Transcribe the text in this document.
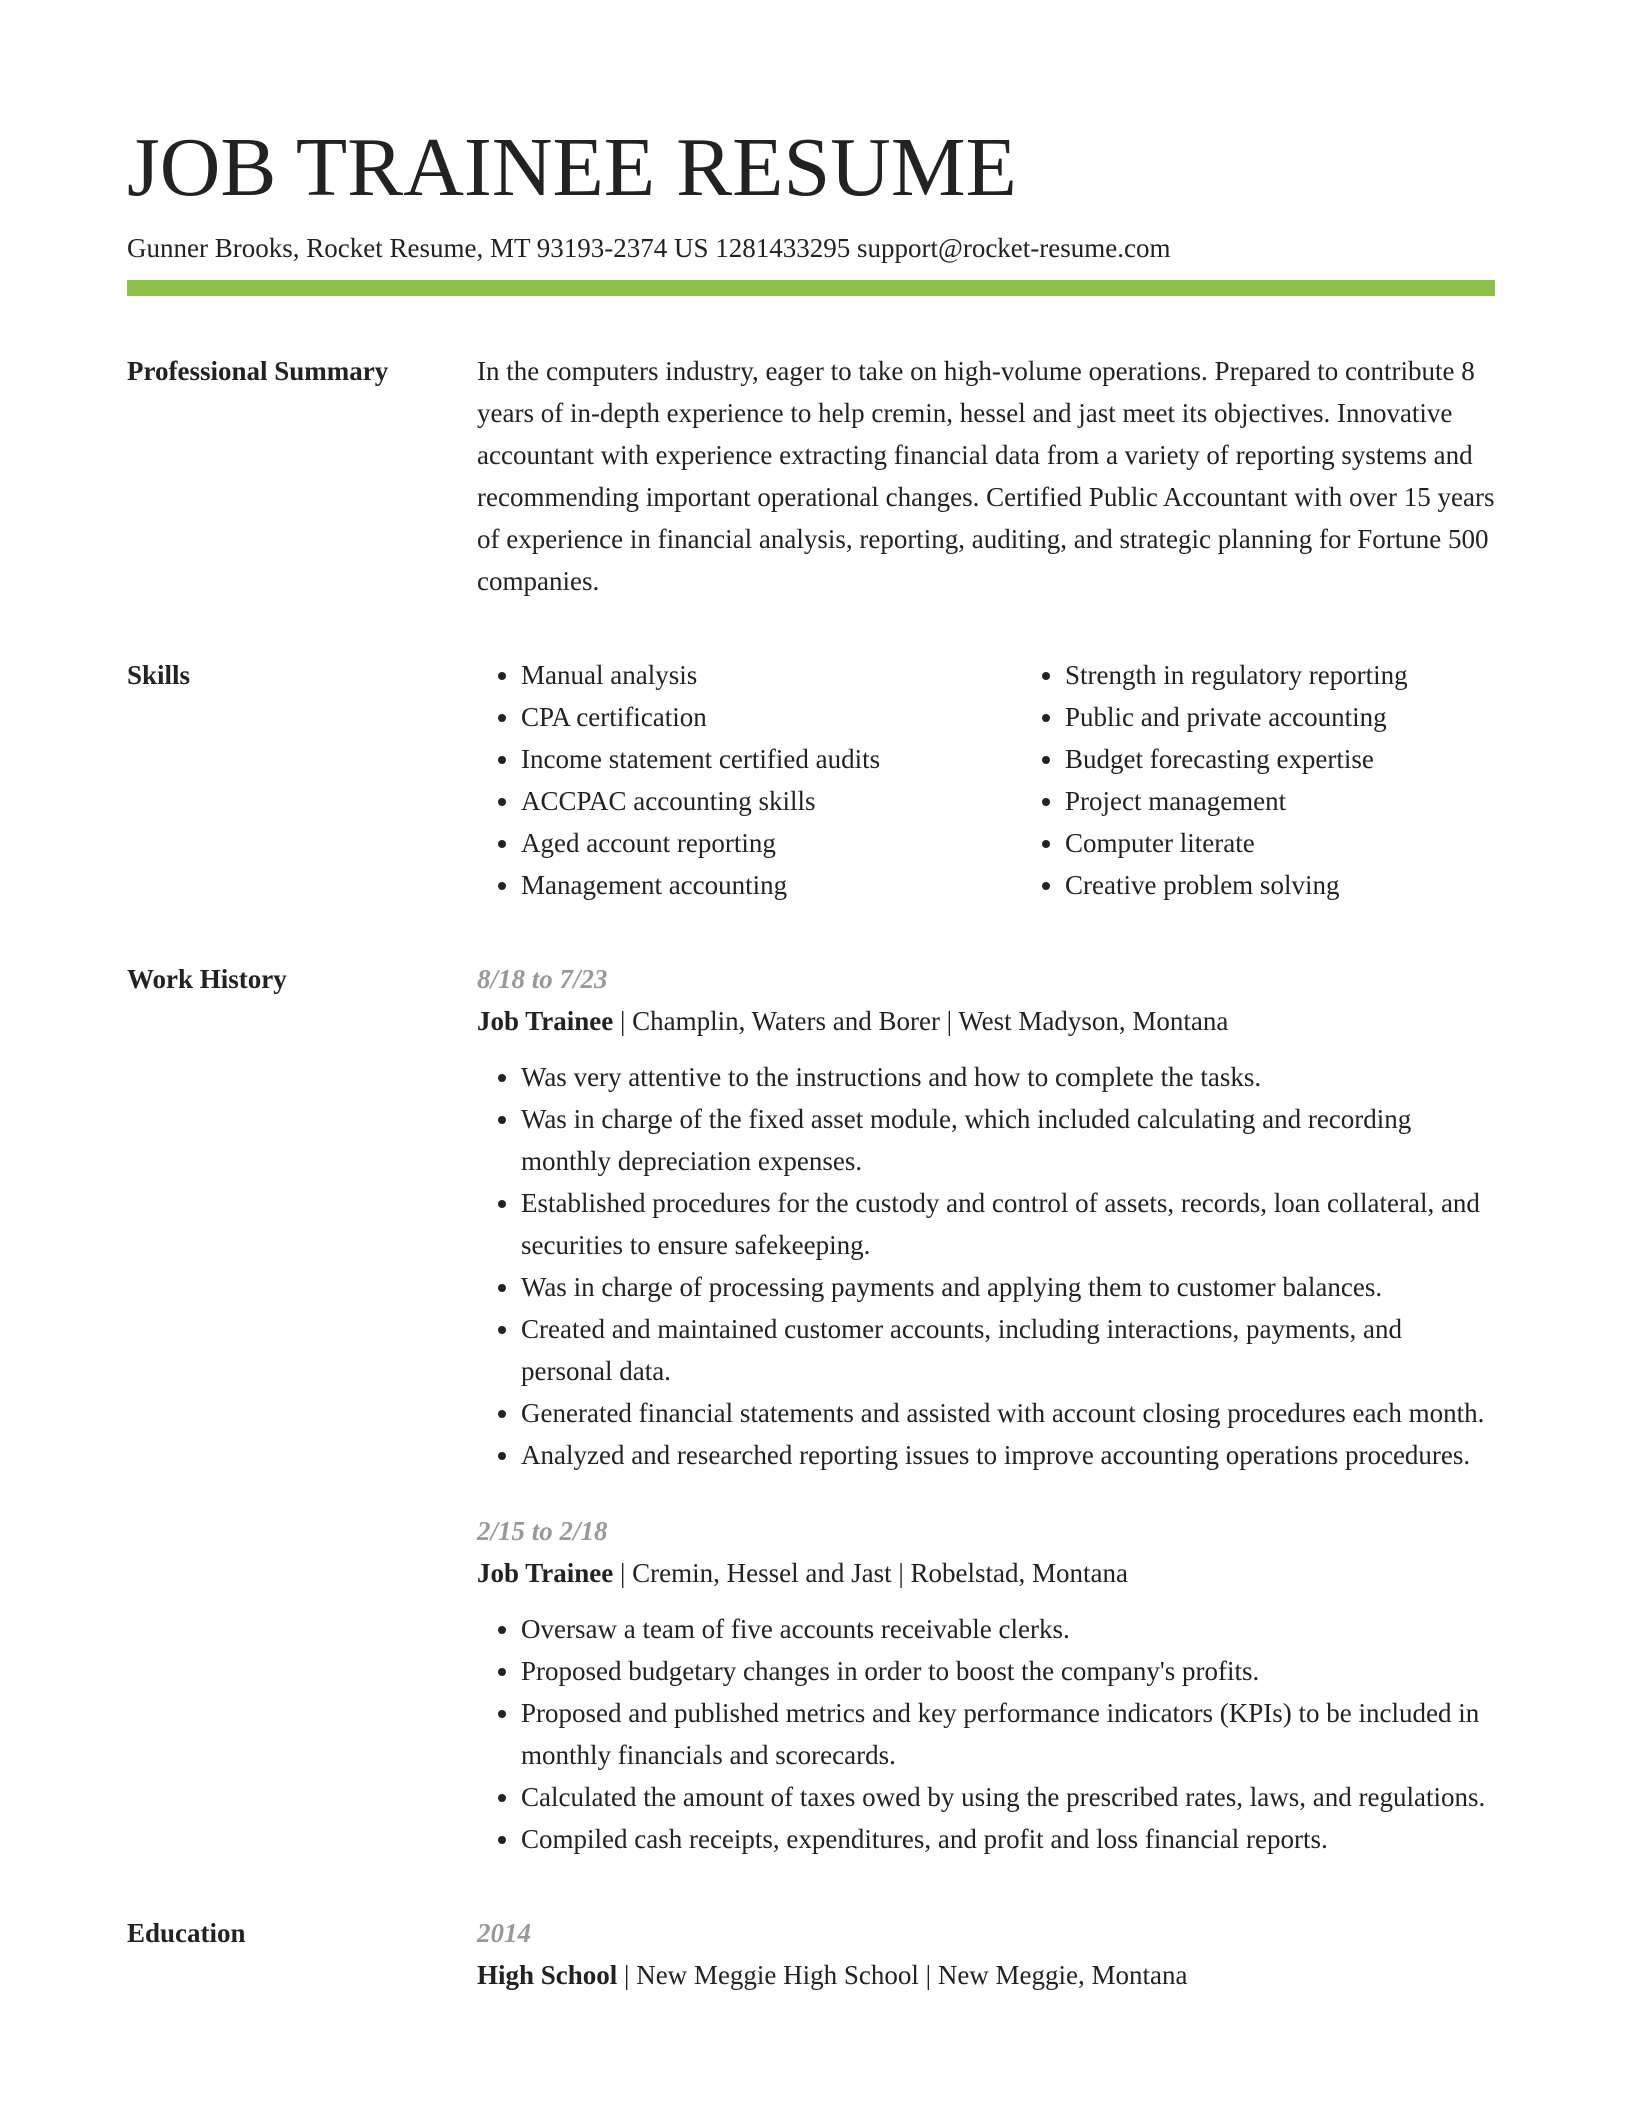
JOB TRAINEE RESUME
Gunner Brooks, Rocket Resume, MT 93193-2374 US 1281433295 support@rocket-resume.com
Professional Summary	In the computers industry, eager to take on high-volume operations. Prepared to contribute 8 years of in-depth experience to help cremin, hessel and jast meet its objectives. Innovative accountant with experience extracting financial data from a variety of reporting systems and recommending important operational changes. Certified Public Accountant with over 15 years of experience in financial analysis, reporting, auditing, and strategic planning for Fortune 500 companies.

Skills
•	Manual analysis
• CPA certification
• Income statement certified audits
• ACCPAC accounting skills
• Aged account reporting
• Management accounting
• Strength in regulatory reporting
• Public and private accounting
• Budget forecasting expertise
• Project management
• Computer literate
• Creative problem solving
Work History	8/18 to 7/23
Job Trainee | Champlin, Waters and Borer | West Madyson, Montana
• Was very attentive to the instructions and how to complete the tasks.
• Was in charge of the fixed asset module, which included calculating and recording monthly depreciation expenses.
• Established procedures for the custody and control of assets, records, loan collateral, and securities to ensure safekeeping.
• Was in charge of processing payments and applying them to customer balances.
• Created and maintained customer accounts, including interactions, payments, and personal data.
• Generated financial statements and assisted with account closing procedures each month.
• Analyzed and researched reporting issues to improve accounting operations procedures.
2/15 to 2/18
Job Trainee | Cremin, Hessel and Jast | Robelstad, Montana
• Oversaw a team of five accounts receivable clerks.
• Proposed budgetary changes in order to boost the company's profits.
• Proposed and published metrics and key performance indicators (KPIs) to be included in monthly financials and scorecards.
• Calculated the amount of taxes owed by using the prescribed rates, laws, and regulations.
• Compiled cash receipts, expenditures, and profit and loss financial reports.
Education	2014
High School | New Meggie High School | New Meggie, Montana
